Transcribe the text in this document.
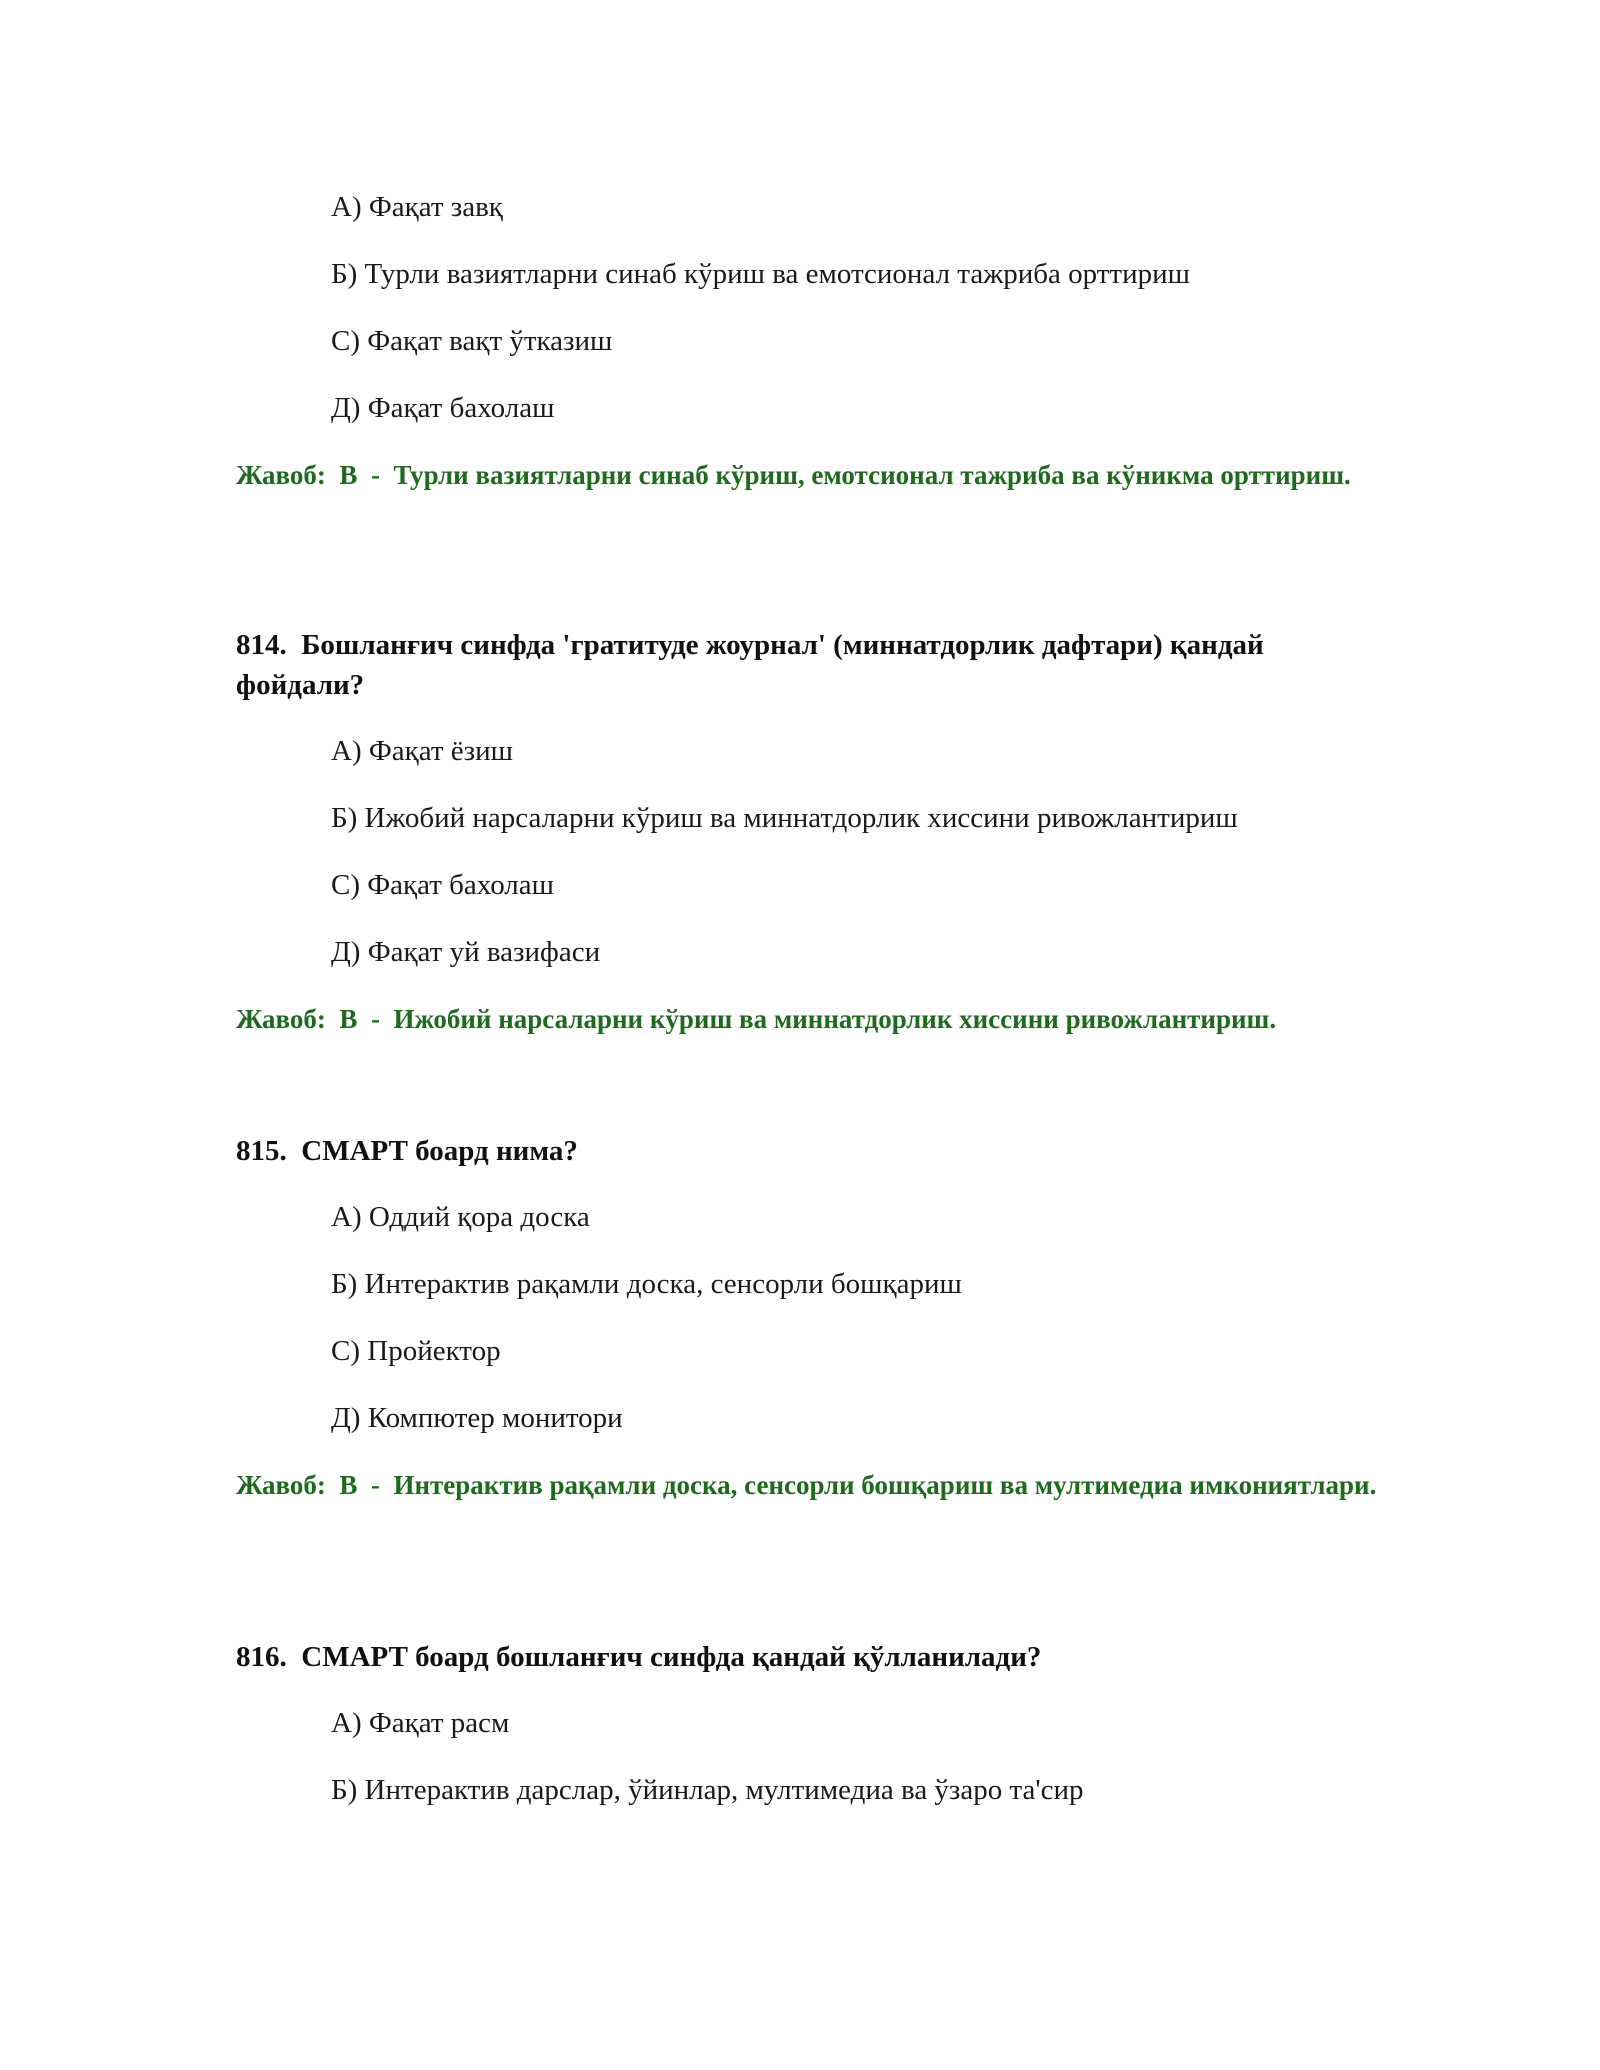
А) Фақат завқ
Б) Турли вазиятларни синаб кўриш ва емотсионал тажриба орттириш
С) Фақат вақт ўтказиш
Д) Фақат бахолаш
Жавоб: В  -  Турли вазиятларни синаб кўриш, емотсионал тажриба ва кўникма орттириш.
814. Бошланғич синфда 'гратитуде жоурнал' (миннатдорлик дафтари) қандай фойдали?
А) Фақат ёзиш
Б) Ижобий нарсаларни кўриш ва миннатдорлик хиссини ривожлантириш
С) Фақат бахолаш
Д) Фақат уй вазифаси
Жавоб: В  -  Ижобий нарсаларни кўриш ва миннатдорлик хиссини ривожлантириш.
815. СМАРТ боард нима?
А) Оддий қора доска
Б) Интерактив рақамли доска, сенсорли бошқариш
С) Пройектор
Д) Компютер монитори
Жавоб: В  -  Интерактив рақамли доска, сенсорли бошқариш ва мултимедиа имкониятлари.
816. СМАРТ боард бошланғич синфда қандай қўлланилади?
А) Фақат расм
Б) Интерактив дарслар, ўйинлар, мултимедиа ва ўзаро та'сир
